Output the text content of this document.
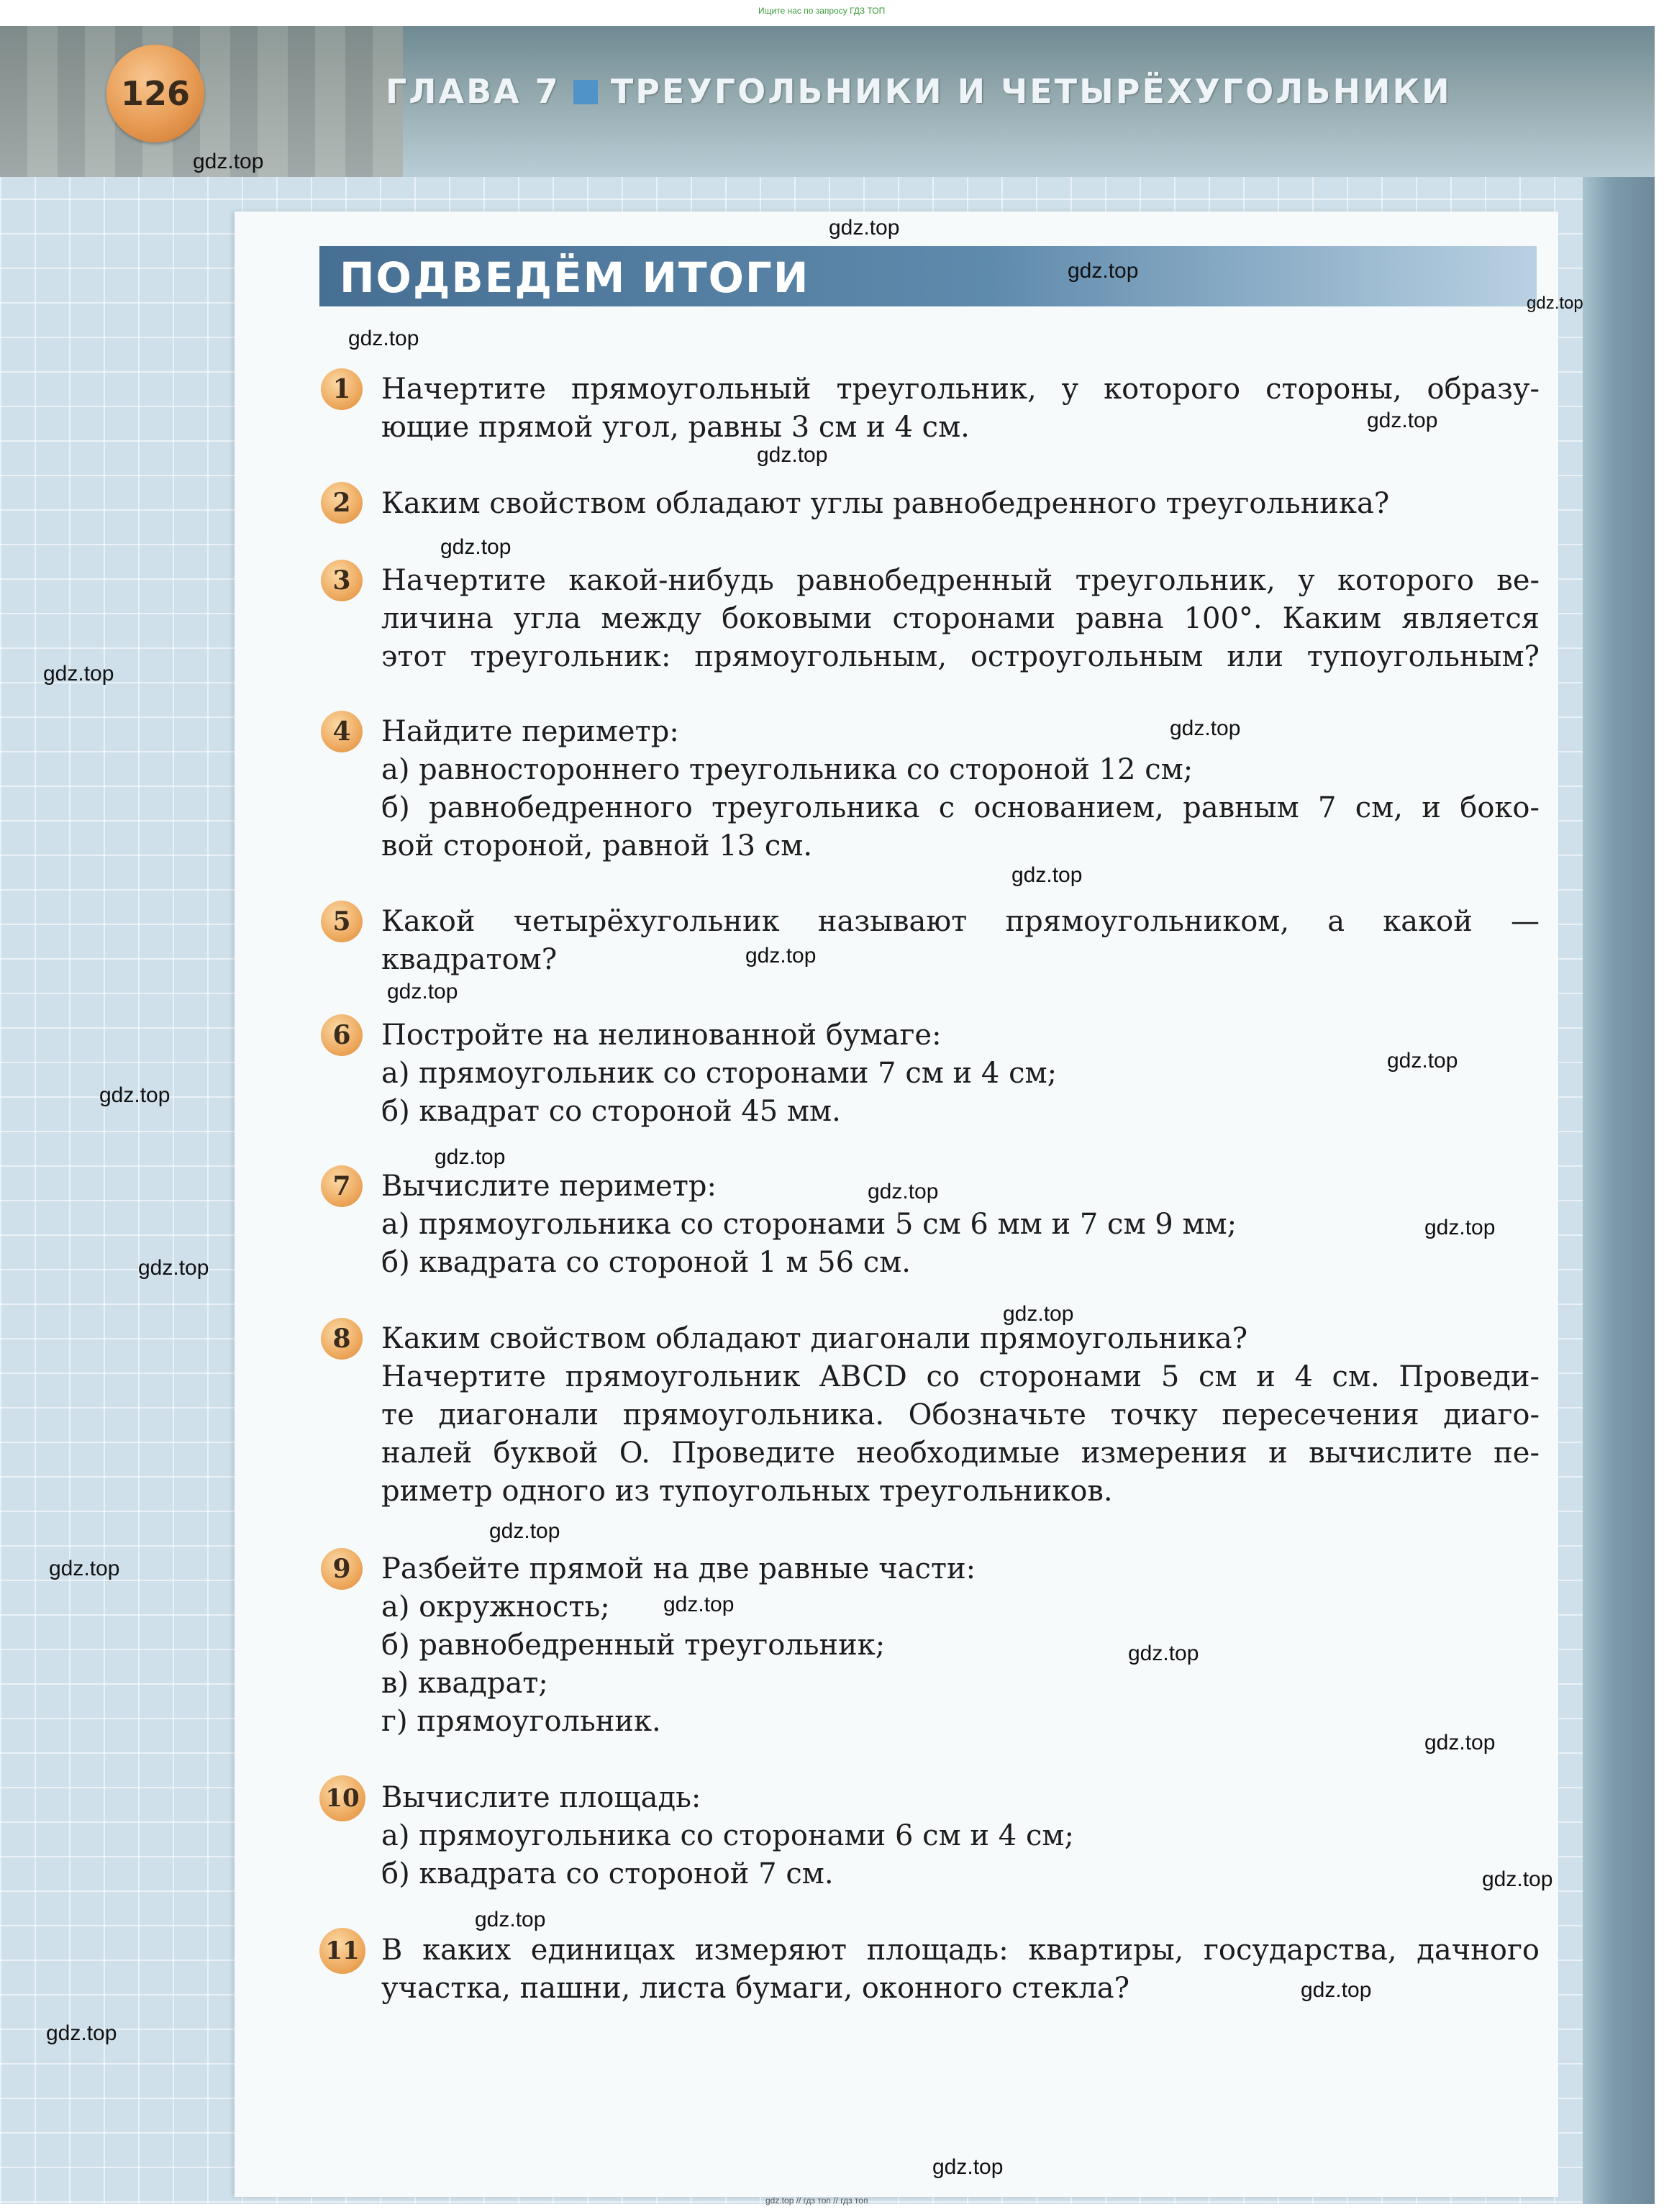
Ищите нас по запросу ГДЗ ТОП
126	ГЛАВА 7 ТРЕУГОЛЬНИКИ И ЧЕТЫРЁХУГОЛЬНИКИ
ПОДВЕДЁМ ИТОГИ
1	Начертите прямоугольный треугольник, у которого стороны, образу-
ющие прямой угол, равны 3 см и 4 см.
2	Каким свойством обладают углы равнобедренного треугольника?
3	Начертите какой-нибудь равнобедренный треугольник, у которого ве-
личина угла между боковыми сторонами равна 100°. Каким является
этот треугольник: прямоугольным, остроугольным или тупоугольным?
4	Найдите периметр:
а) равностороннего треугольника со стороной 12 см;
б) равнобедренного треугольника с основанием, равным 7 см, и боко-
вой стороной, равной 13 см.
5	Какой четырёхугольник называют прямоугольником, а какой —
квадратом?
6	Постройте на нелинованной бумаге:
а) прямоугольник со сторонами 7 см и 4 см;
б) квадрат со стороной 45 мм.
7	Вычислите периметр:
а) прямоугольника со сторонами 5 см 6 мм и 7 см 9 мм;
б) квадрата со стороной 1 м 56 см.
8	Каким свойством обладают диагонали прямоугольника?
Начертите прямоугольник ABCD со сторонами 5 см и 4 см. Проведи-
те диагонали прямоугольника. Обозначьте точку пересечения диаго-
налей буквой O. Проведите необходимые измерения и вычислите пе-
риметр одного из тупоугольных треугольников.
9	Разбейте прямой на две равные части:
а) окружность;
б) равнобедренный треугольник;
в) квадрат;
г) прямоугольник.
10 Вычислите площадь:
а) прямоугольника со сторонами 6 см и 4 см;
б) квадрата со стороной 7 см.
11 В каких единицах измеряют площадь: квартиры, государства, дачного
участка, пашни, листа бумаги, оконного стекла?
gdz.top
gdz.top
gdz.top
gdz.top
gdz.top
gdz.top
gdz.top
gdz.top
gdz.top
gdz.top
gdz.top
gdz.top
gdz.top
gdz.top
gdz.top
gdz.top
gdz.top
gdz.top
gdz.top
gdz.top
gdz.top
gdz.top
gdz.top
gdz.top
gdz.top
gdz.top
gdz.top
gdz.top
gdz.top
gdz.top
gdz.top // гдз топ // гдз топ
